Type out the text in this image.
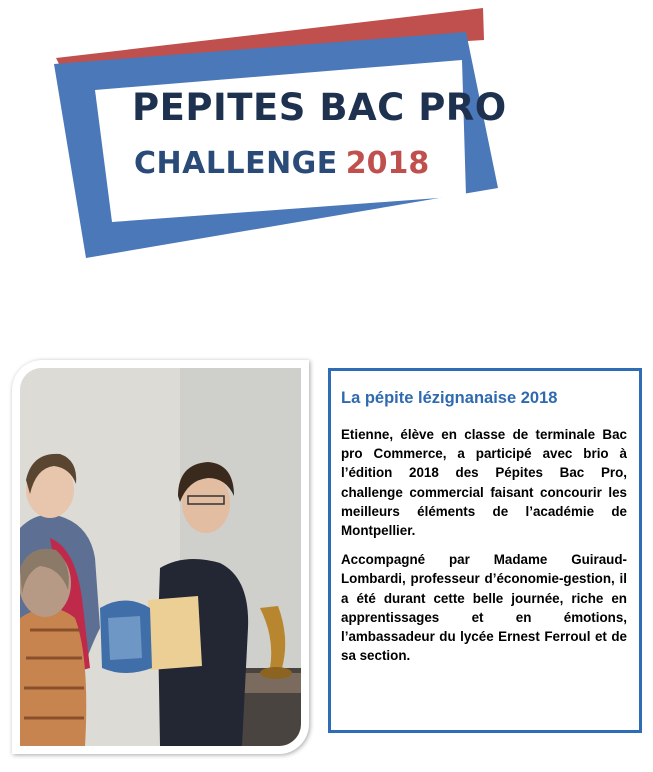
PEPITES BAC PRO
CHALLENGE 2018
La pépite lézignanaise 2018

Etienne, élève en classe de terminale Bac pro Commerce, a participé avec brio à l’édition 2018 des Pépites Bac Pro, challenge commercial faisant concourir les meilleurs éléments de l’académie de Montpellier.

Accompagné par Madame Guiraud-Lombardi, professeur d’économie-gestion, il a été durant cette belle journée, riche en apprentissages et en émotions, l’ambassadeur du lycée Ernest Ferroul et de sa section.
